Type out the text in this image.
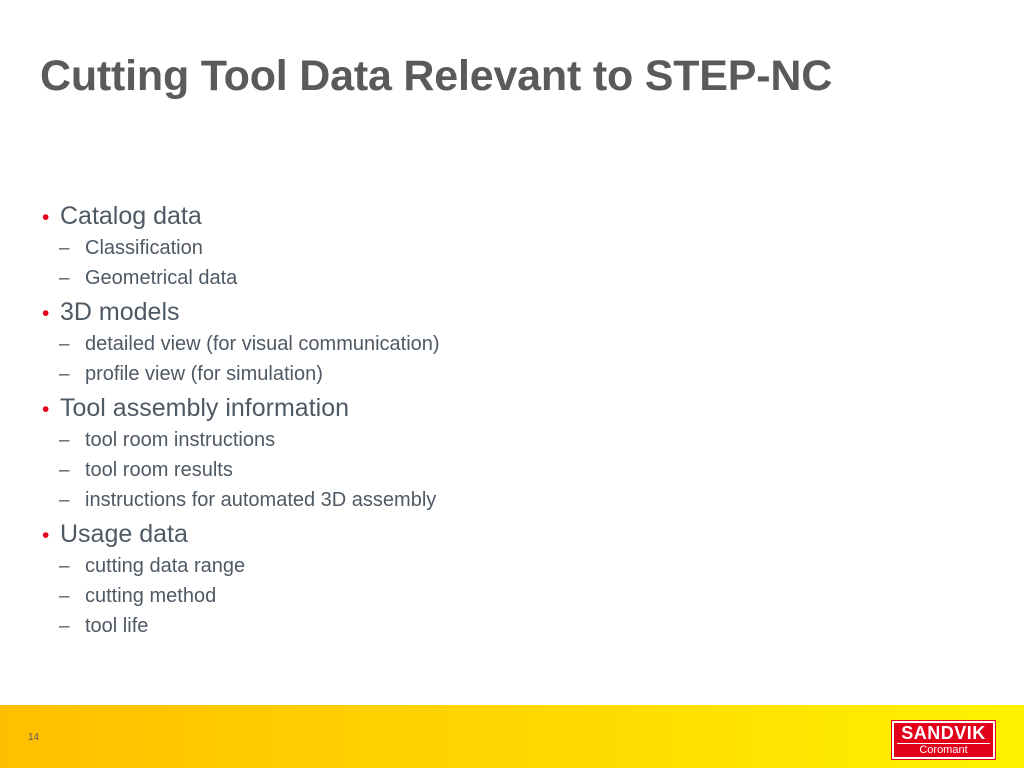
Cutting Tool Data Relevant to STEP-NC
• Catalog data
– Classification
– Geometrical data
• 3D models
– detailed view (for visual communication)
– profile view (for simulation)
• Tool assembly information
– tool room instructions
– tool room results
– instructions for automated 3D assembly
• Usage data
– cutting data range
– cutting method
– tool life
14	SANDVIK
Coromant
